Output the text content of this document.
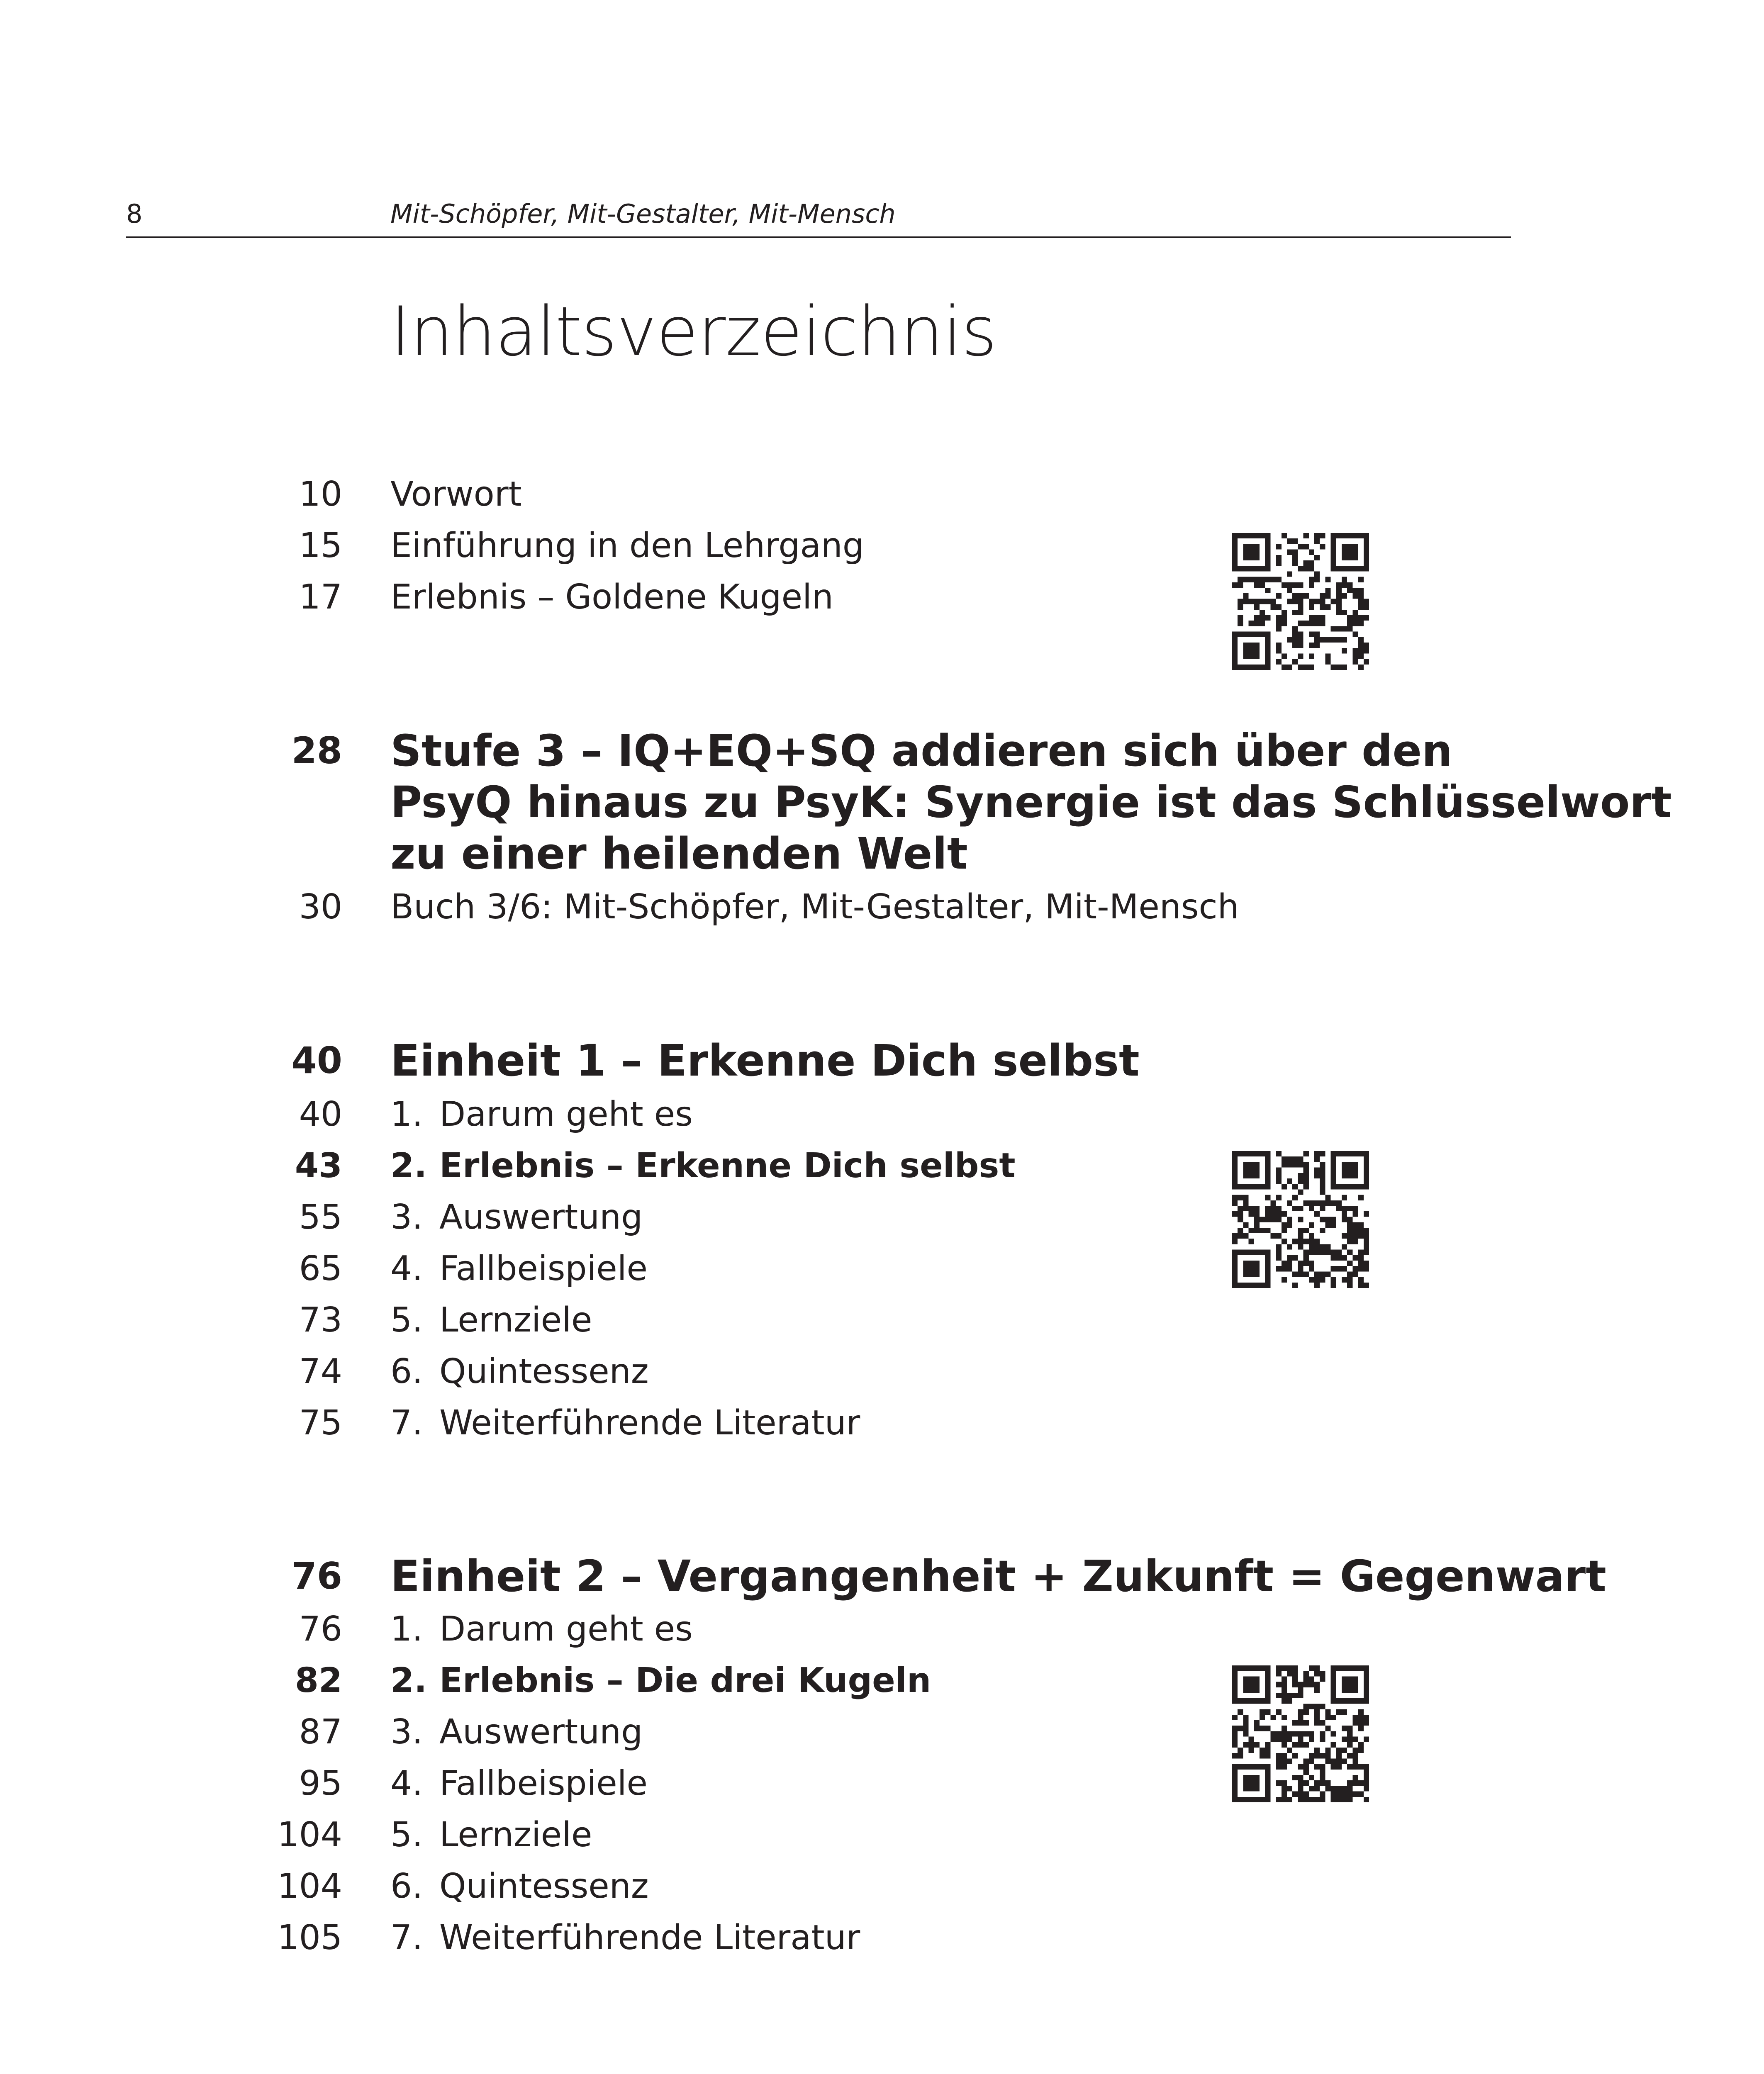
8	Mit-Schöpfer, Mit-Gestalter, Mit-Mensch
Inhaltsverzeichnis
10 Vorwort
15 Einführung in den Lehrgang
17 Erlebnis – Goldene Kugeln
28 Stufe 3 – IQ+EQ+SQ addieren sich über den
PsyQ hinaus zu PsyK: Synergie ist das Schlüsselwort
zu einer heilenden Welt
30 Buch 3/6: Mit-Schöpfer, Mit-Gestalter, Mit-Mensch
40 Einheit 1 – Erkenne Dich selbst
40 1. Darum geht es
43 2. Erlebnis – Erkenne Dich selbst
55 3. Auswertung
65 4. Fallbeispiele
73 5. Lernziele
74 6. Quintessenz
75 7. Weiterführende Literatur
76 Einheit 2 – Vergangenheit + Zukunft = Gegenwart
76 1. Darum geht es
82 2. Erlebnis – Die drei Kugeln
87 3. Auswertung
95 4. Fallbeispiele
104 5. Lernziele
104 6. Quintessenz
105 7. Weiterführende Literatur
